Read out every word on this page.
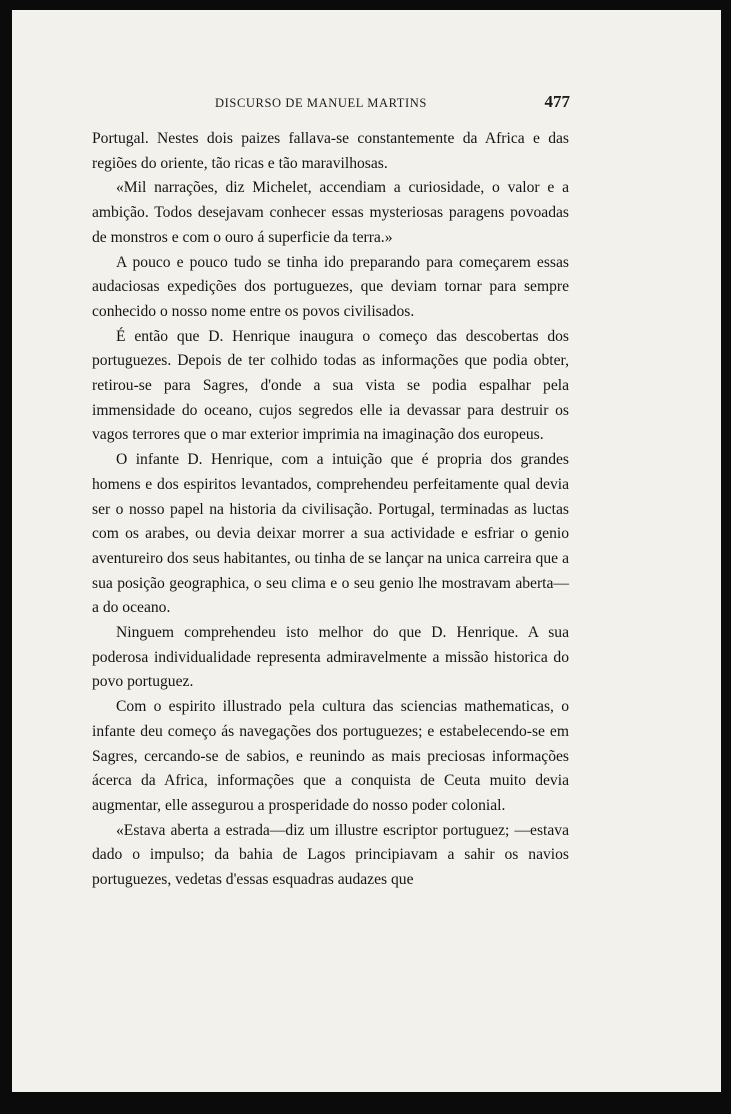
DISCURSO DE MANUEL MARTINS	477

Portugal. Nestes dois paizes fallava-se constantemente da Africa e das regiões do oriente, tão ricas e tão maravilhosas.

«Mil narrações, diz Michelet, accendiam a curiosidade, o valor e a ambição. Todos desejavam conhecer essas mysteriosas paragens povoadas de monstros e com o ouro á superficie da terra.»

A pouco e pouco tudo se tinha ido preparando para começarem essas audaciosas expedições dos portuguezes, que deviam tornar para sempre conhecido o nosso nome entre os povos civilisados.

É então que D. Henrique inaugura o começo das descobertas dos portuguezes. Depois de ter colhido todas as informações que podia obter, retirou-se para Sagres, d'onde a sua vista se podia espalhar pela immensidade do oceano, cujos segredos elle ia devassar para destruir os vagos terrores que o mar exterior imprimia na imaginação dos europeus.

O infante D. Henrique, com a intuição que é propria dos grandes homens e dos espiritos levantados, comprehendeu perfeitamente qual devia ser o nosso papel na historia da civilisação. Portugal, terminadas as luctas com os arabes, ou devia deixar morrer a sua actividade e esfriar o genio aventureiro dos seus habitantes, ou tinha de se lançar na unica carreira que a sua posição geographica, o seu clima e o seu genio lhe mostravam aberta—a do oceano.

Ninguem comprehendeu isto melhor do que D. Henrique. A sua poderosa individualidade representa admiravelmente a missão historica do povo portuguez.

Com o espirito illustrado pela cultura das sciencias mathematicas, o infante deu começo ás navegações dos portuguezes; e estabelecendo-se em Sagres, cercando-se de sabios, e reunindo as mais preciosas informações ácerca da Africa, informações que a conquista de Ceuta muito devia augmentar, elle assegurou a prosperidade do nosso poder colonial.

«Estava aberta a estrada—diz um illustre escriptor portuguez; —estava dado o impulso; da bahia de Lagos principiavam a sahir os navios portuguezes, vedetas d'essas esquadras audazes que
